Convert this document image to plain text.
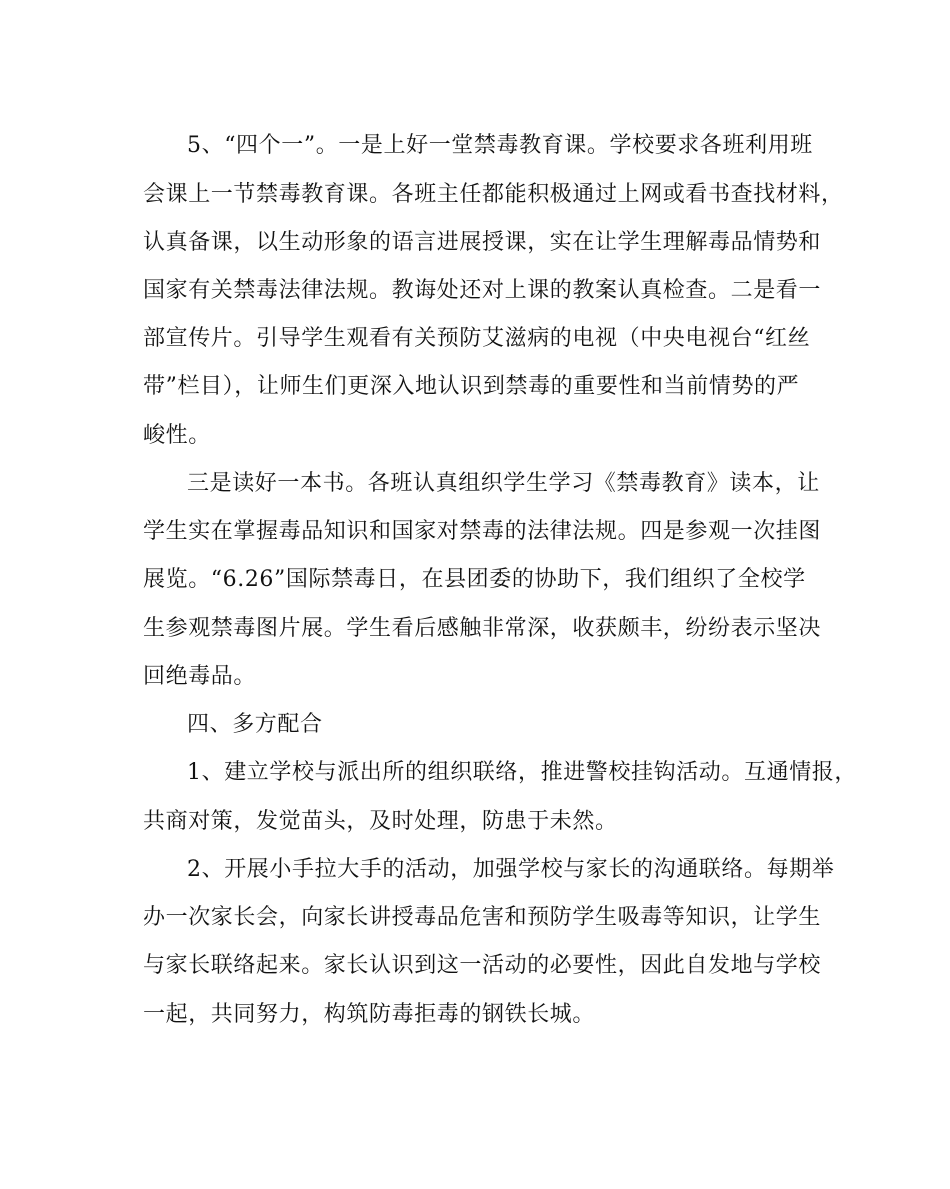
5、“四个一”。一是上好一堂禁毒教育课。学校要求各班利用班
会课上一节禁毒教育课。各班主任都能积极通过上网或看书查找材料，
认真备课，以生动形象的语言进展授课，实在让学生理解毒品情势和
国家有关禁毒法律法规。教诲处还对上课的教案认真检查。二是看一
部宣传片。引导学生观看有关预防艾滋病的电视（中央电视台“红丝
带”栏目），让师生们更深入地认识到禁毒的重要性和当前情势的严
峻性。
三是读好一本书。各班认真组织学生学习《禁毒教育》读本，让
学生实在掌握毒品知识和国家对禁毒的法律法规。四是参观一次挂图
展览。“6.26”国际禁毒日，在县团委的协助下，我们组织了全校学
生参观禁毒图片展。学生看后感触非常深，收获颇丰，纷纷表示坚决
回绝毒品。
四、多方配合
1、建立学校与派出所的组织联络，推进警校挂钩活动。互通情报，
共商对策，发觉苗头，及时处理，防患于未然。
2、开展小手拉大手的活动，加强学校与家长的沟通联络。每期举
办一次家长会，向家长讲授毒品危害和预防学生吸毒等知识，让学生
与家长联络起来。家长认识到这一活动的必要性，因此自发地与学校
一起，共同努力，构筑防毒拒毒的钢铁长城。
